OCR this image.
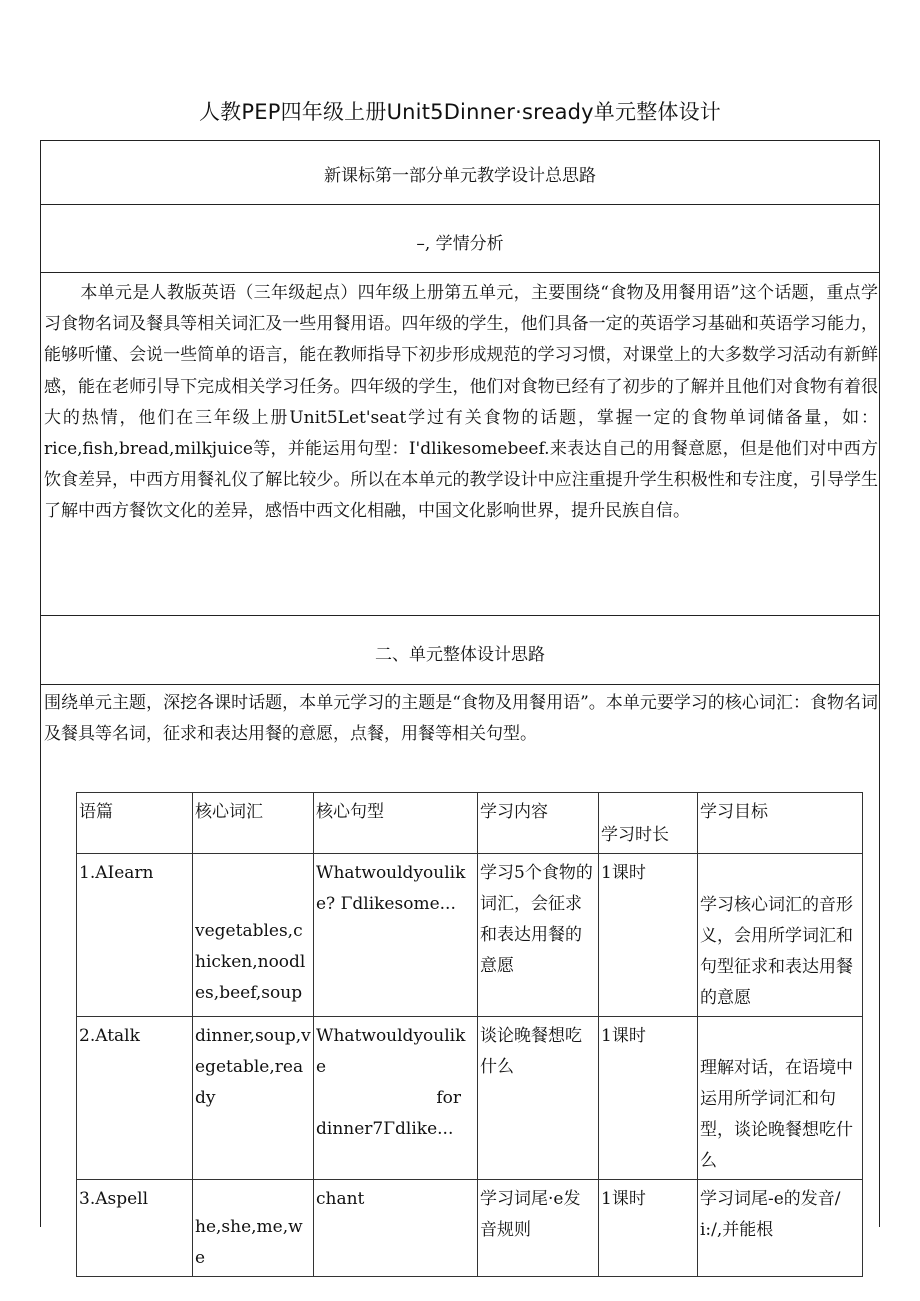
人教PEP四年级上册Unit5Dinner·sready单元整体设计
新课标第一部分单元教学设计总思路
–, 学情分析
本单元是人教版英语（三年级起点）四年级上册第五单元，主要围绕“食物及用餐用语”这个话题，重点学习食物名词及餐具等相关词汇及一些用餐用语。四年级的学生，他们具备一定的英语学习基础和英语学习能力，能够听懂、会说一些简单的语言，能在教师指导下初步形成规范的学习习惯，对课堂上的大多数学习活动有新鲜感，能在老师引导下完成相关学习任务。四年级的学生，他们对食物已经有了初步的了解并且他们对食物有着很大的热情，他们在三年级上册Unit5Let'seat学过有关食物的话题，掌握一定的食物单词储备量，如：rice,fish,bread,milkjuice等，并能运用句型：I'dlikesomebeef.来表达自己的用餐意愿，但是他们对中西方饮食差异，中西方用餐礼仪了解比较少。所以在本单元的教学设计中应注重提升学生积极性和专注度，引导学生了解中西方餐饮文化的差异，感悟中西文化相融，中国文化影响世界，提升民族自信。
二、单元整体设计思路
围绕单元主题，深挖各课时话题，本单元学习的主题是“食物及用餐用语”。本单元要学习的核心词汇：食物名词及餐具等名词，征求和表达用餐的意愿，点餐，用餐等相关句型。
语篇	核心词汇	核心句型	学习内容	学习时长	学习目标
1.AIearn	vegetables,chicken,noodles,beef,soup	Whatwouldyoulike? Γdlikesome...	学习5个食物的词汇，会征求和表达用餐的意愿	1课时	学习核心词汇的音形义，会用所学词汇和句型征求和表达用餐的意愿
2.Atalk	dinner,soup,vegetable,ready	Whatwouldyoulike
for
dinner7Γdlike...	谈论晚餐想吃什么	1课时	理解对话，在语境中运用所学词汇和句型，谈论晚餐想吃什么
3.Aspell	he,she,me,we	chant	学习词尾·e发音规则	1课时	学习词尾-e的发音/i:/,并能根
